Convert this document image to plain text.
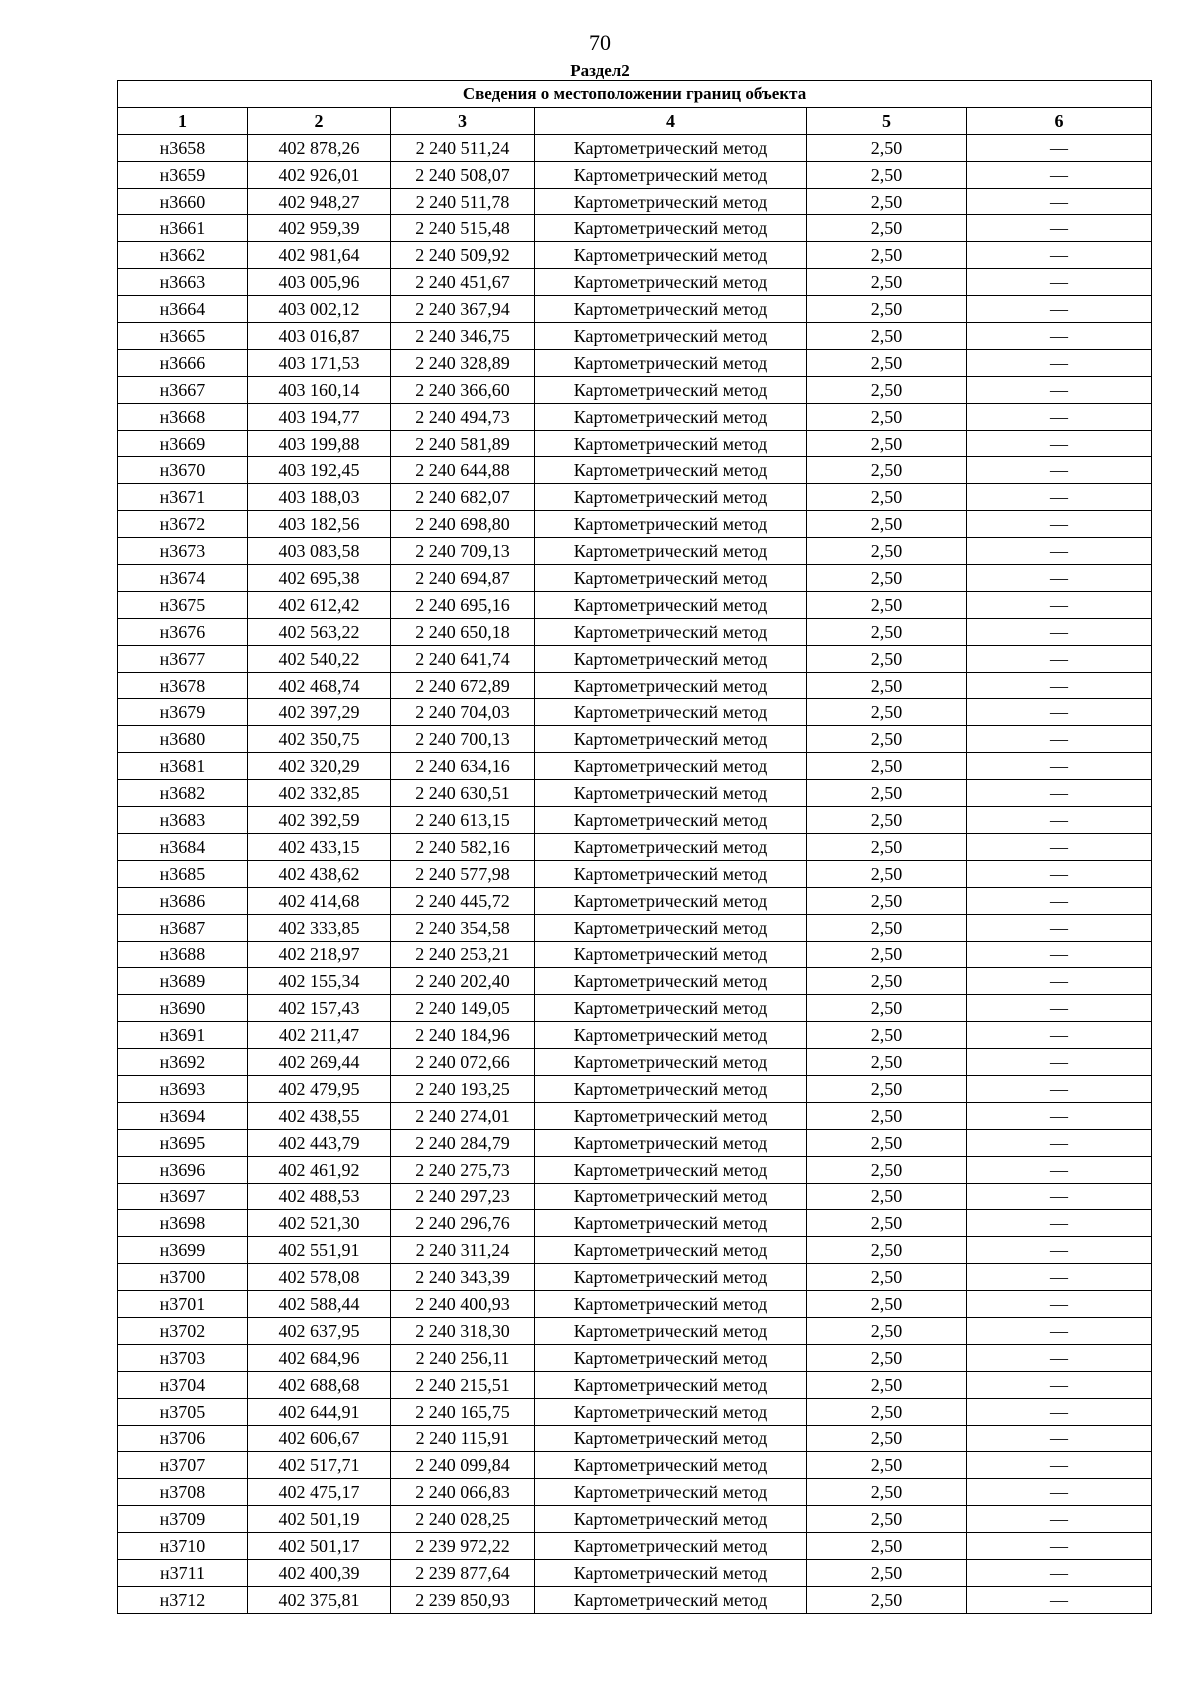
70
Раздел2
Сведения о местоположении границ объекта					
1	2	3	4	5	6
н3658	402 878,26	2 240 511,24	Картометрический метод	2,50	—
н3659	402 926,01	2 240 508,07	Картометрический метод	2,50	—
н3660	402 948,27	2 240 511,78	Картометрический метод	2,50	—
н3661	402 959,39	2 240 515,48	Картометрический метод	2,50	—
н3662	402 981,64	2 240 509,92	Картометрический метод	2,50	—
н3663	403 005,96	2 240 451,67	Картометрический метод	2,50	—
н3664	403 002,12	2 240 367,94	Картометрический метод	2,50	—
н3665	403 016,87	2 240 346,75	Картометрический метод	2,50	—
н3666	403 171,53	2 240 328,89	Картометрический метод	2,50	—
н3667	403 160,14	2 240 366,60	Картометрический метод	2,50	—
н3668	403 194,77	2 240 494,73	Картометрический метод	2,50	—
н3669	403 199,88	2 240 581,89	Картометрический метод	2,50	—
н3670	403 192,45	2 240 644,88	Картометрический метод	2,50	—
н3671	403 188,03	2 240 682,07	Картометрический метод	2,50	—
н3672	403 182,56	2 240 698,80	Картометрический метод	2,50	—
н3673	403 083,58	2 240 709,13	Картометрический метод	2,50	—
н3674	402 695,38	2 240 694,87	Картометрический метод	2,50	—
н3675	402 612,42	2 240 695,16	Картометрический метод	2,50	—
н3676	402 563,22	2 240 650,18	Картометрический метод	2,50	—
н3677	402 540,22	2 240 641,74	Картометрический метод	2,50	—
н3678	402 468,74	2 240 672,89	Картометрический метод	2,50	—
н3679	402 397,29	2 240 704,03	Картометрический метод	2,50	—
н3680	402 350,75	2 240 700,13	Картометрический метод	2,50	—
н3681	402 320,29	2 240 634,16	Картометрический метод	2,50	—
н3682	402 332,85	2 240 630,51	Картометрический метод	2,50	—
н3683	402 392,59	2 240 613,15	Картометрический метод	2,50	—
н3684	402 433,15	2 240 582,16	Картометрический метод	2,50	—
н3685	402 438,62	2 240 577,98	Картометрический метод	2,50	—
н3686	402 414,68	2 240 445,72	Картометрический метод	2,50	—
н3687	402 333,85	2 240 354,58	Картометрический метод	2,50	—
н3688	402 218,97	2 240 253,21	Картометрический метод	2,50	—
н3689	402 155,34	2 240 202,40	Картометрический метод	2,50	—
н3690	402 157,43	2 240 149,05	Картометрический метод	2,50	—
н3691	402 211,47	2 240 184,96	Картометрический метод	2,50	—
н3692	402 269,44	2 240 072,66	Картометрический метод	2,50	—
н3693	402 479,95	2 240 193,25	Картометрический метод	2,50	—
н3694	402 438,55	2 240 274,01	Картометрический метод	2,50	—
н3695	402 443,79	2 240 284,79	Картометрический метод	2,50	—
н3696	402 461,92	2 240 275,73	Картометрический метод	2,50	—
н3697	402 488,53	2 240 297,23	Картометрический метод	2,50	—
н3698	402 521,30	2 240 296,76	Картометрический метод	2,50	—
н3699	402 551,91	2 240 311,24	Картометрический метод	2,50	—
н3700	402 578,08	2 240 343,39	Картометрический метод	2,50	—
н3701	402 588,44	2 240 400,93	Картометрический метод	2,50	—
н3702	402 637,95	2 240 318,30	Картометрический метод	2,50	—
н3703	402 684,96	2 240 256,11	Картометрический метод	2,50	—
н3704	402 688,68	2 240 215,51	Картометрический метод	2,50	—
н3705	402 644,91	2 240 165,75	Картометрический метод	2,50	—
н3706	402 606,67	2 240 115,91	Картометрический метод	2,50	—
н3707	402 517,71	2 240 099,84	Картометрический метод	2,50	—
н3708	402 475,17	2 240 066,83	Картометрический метод	2,50	—
н3709	402 501,19	2 240 028,25	Картометрический метод	2,50	—
н3710	402 501,17	2 239 972,22	Картометрический метод	2,50	—
н3711	402 400,39	2 239 877,64	Картометрический метод	2,50	—
н3712	402 375,81	2 239 850,93	Картометрический метод	2,50	—
